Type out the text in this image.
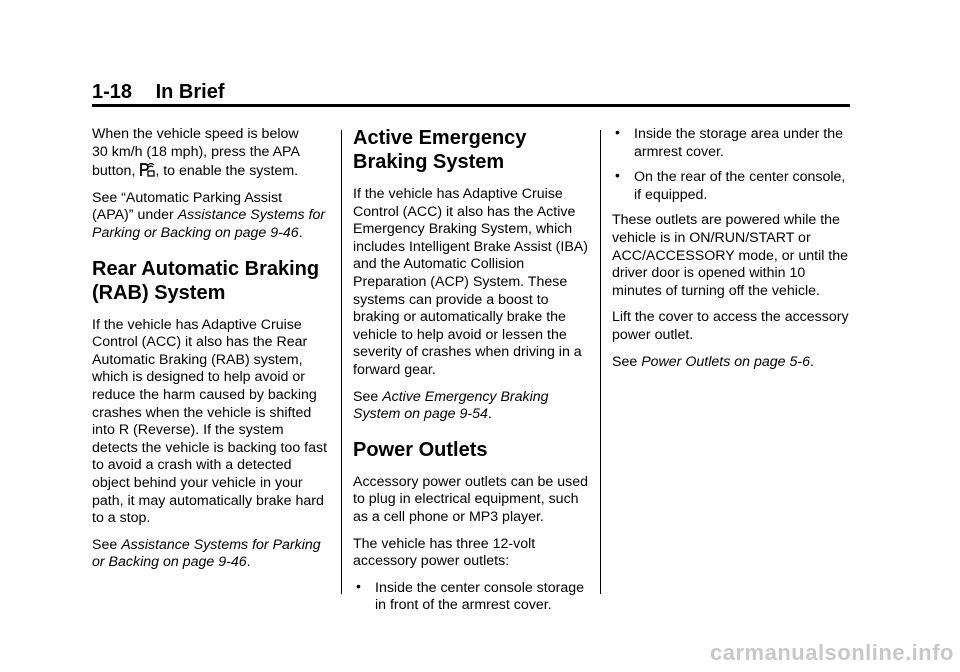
1-18 In Brief

When the vehicle speed is below
30 km/h (18 mph), press the APA
button, , to enable the system.

See “Automatic Parking Assist
(APA)” under Assistance Systems for Parking or Backing on page 9-46.

Rear Automatic Braking (RAB) System

If the vehicle has Adaptive Cruise Control (ACC) it also has the Rear Automatic Braking (RAB) system, which is designed to help avoid or reduce the harm caused by backing crashes when the vehicle is shifted into R (Reverse). If the system detects the vehicle is backing too fast to avoid a crash with a detected object behind your vehicle in your path, it may automatically brake hard to a stop.

See Assistance Systems for Parking or Backing on page 9-46.

Active Emergency Braking System

If the vehicle has Adaptive Cruise Control (ACC) it also has the Active Emergency Braking System, which includes Intelligent Brake Assist (IBA) and the Automatic Collision Preparation (ACP) System. These systems can provide a boost to braking or automatically brake the vehicle to help avoid or lessen the severity of crashes when driving in a forward gear.

See Active Emergency Braking System on page 9-54.

Power Outlets

Accessory power outlets can be used to plug in electrical equipment, such as a cell phone or MP3 player.

The vehicle has three 12-volt accessory power outlets:

• Inside the center console storage in front of the armrest cover.
• Inside the storage area under the armrest cover.
• On the rear of the center console, if equipped.

These outlets are powered while the vehicle is in ON/RUN/START or ACC/ACCESSORY mode, or until the driver door is opened within 10 minutes of turning off the vehicle.

Lift the cover to access the accessory power outlet.

See Power Outlets on page 5-6.

carmanualsonline.info
